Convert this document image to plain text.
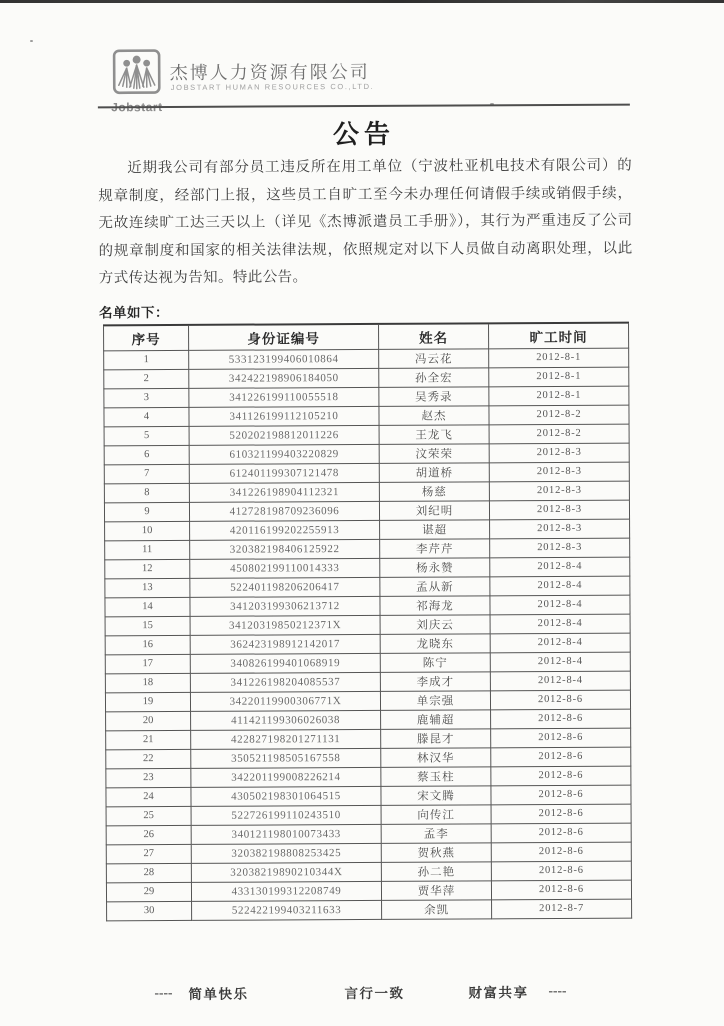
杰博人力资源有限公司
JOBSTART HUMAN RESOURCES CO.,LTD.
公告
近期我公司有部分员工违反所在用工单位（宁波杜亚机电技术有限公司）的规章制度，经部门上报，这些员工自旷工至今未办理任何请假手续或销假手续，无故连续旷工达三天以上（详见《杰博派遣员工手册》），其行为严重违反了公司的规章制度和国家的相关法律法规，依照规定对以下人员做自动离职处理，以此方式传达视为告知。特此公告。
名单如下：
序号	身份证编号	姓名	旷工时间
1	533123199406010864	冯云花	2012-8-1
2	342422198906184050	孙全宏	2012-8-1
3	341226199110055518	吴秀录	2012-8-1
4	341126199112105210	赵杰	2012-8-2
5	520202198812011226	王龙飞	2012-8-2
6	610321199403220829	汶荣荣	2012-8-3
7	612401199307121478	胡道桥	2012-8-3
8	341226198904112321	杨慈	2012-8-3
9	412728198709236096	刘纪明	2012-8-3
10	420116199202255913	谌超	2012-8-3
11	320382198406125922	李芹芹	2012-8-3
12	450802199110014333	杨永赞	2012-8-4
13	522401198206206417	孟从新	2012-8-4
14	341203199306213712	祁海龙	2012-8-4
15	34120319850212371X	刘庆云	2012-8-4
16	362423198912142017	龙晓东	2012-8-4
17	340826199401068919	陈宁	2012-8-4
18	341226198204085537	李成才	2012-8-4
19	34220119900306771X	单宗强	2012-8-6
20	411421199306026038	鹿辅超	2012-8-6
21	422827198201271131	滕昆才	2012-8-6
22	350521198505167558	林汉华	2012-8-6
23	342201199008226214	蔡玉柱	2012-8-6
24	430502198301064515	宋文腾	2012-8-6
25	522726199110243510	向传江	2012-8-6
26	340121198010073433	孟李	2012-8-6
27	320382198808253425	贺秋燕	2012-8-6
28	32038219890210344X	孙二艳	2012-8-6
29	433130199312208749	贾华萍	2012-8-6
30	522422199403211633	余凯	2012-8-7
---- 简单快乐	言行一致	财富共享 ----
